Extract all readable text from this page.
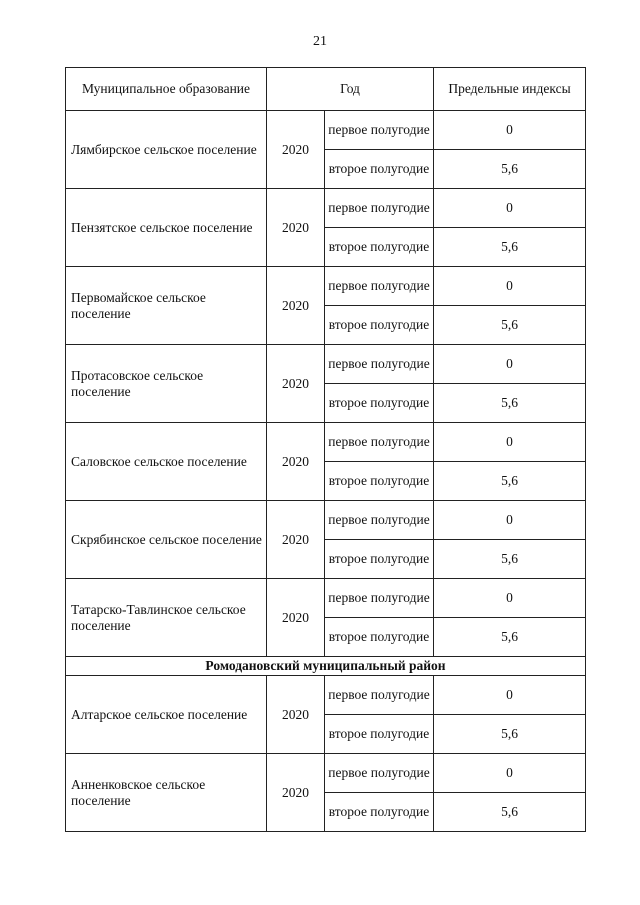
21
Муниципальное образование	Год		Предельные индексы
Лямбирское сельское поселение	2020	первое полугодие	0
		второе полугодие	5,6
Пензятское сельское поселение	2020	первое полугодие	0
		второе полугодие	5,6
Первомайское сельское поселение	2020	первое полугодие	0
		второе полугодие	5,6
Протасовское сельское поселение	2020	первое полугодие	0
		второе полугодие	5,6
Саловское сельское поселение	2020	первое полугодие	0
		второе полугодие	5,6
Скрябинское сельское поселение	2020	первое полугодие	0
		второе полугодие	5,6
Татарско-Тавлинское сельское поселение	2020	первое полугодие	0
		второе полугодие	5,6
Ромодановский муниципальный район			
Алтарское сельское поселение	2020	первое полугодие	0
		второе полугодие	5,6
Анненковское сельское поселение	2020	первое полугодие	0
		второе полугодие	5,6
